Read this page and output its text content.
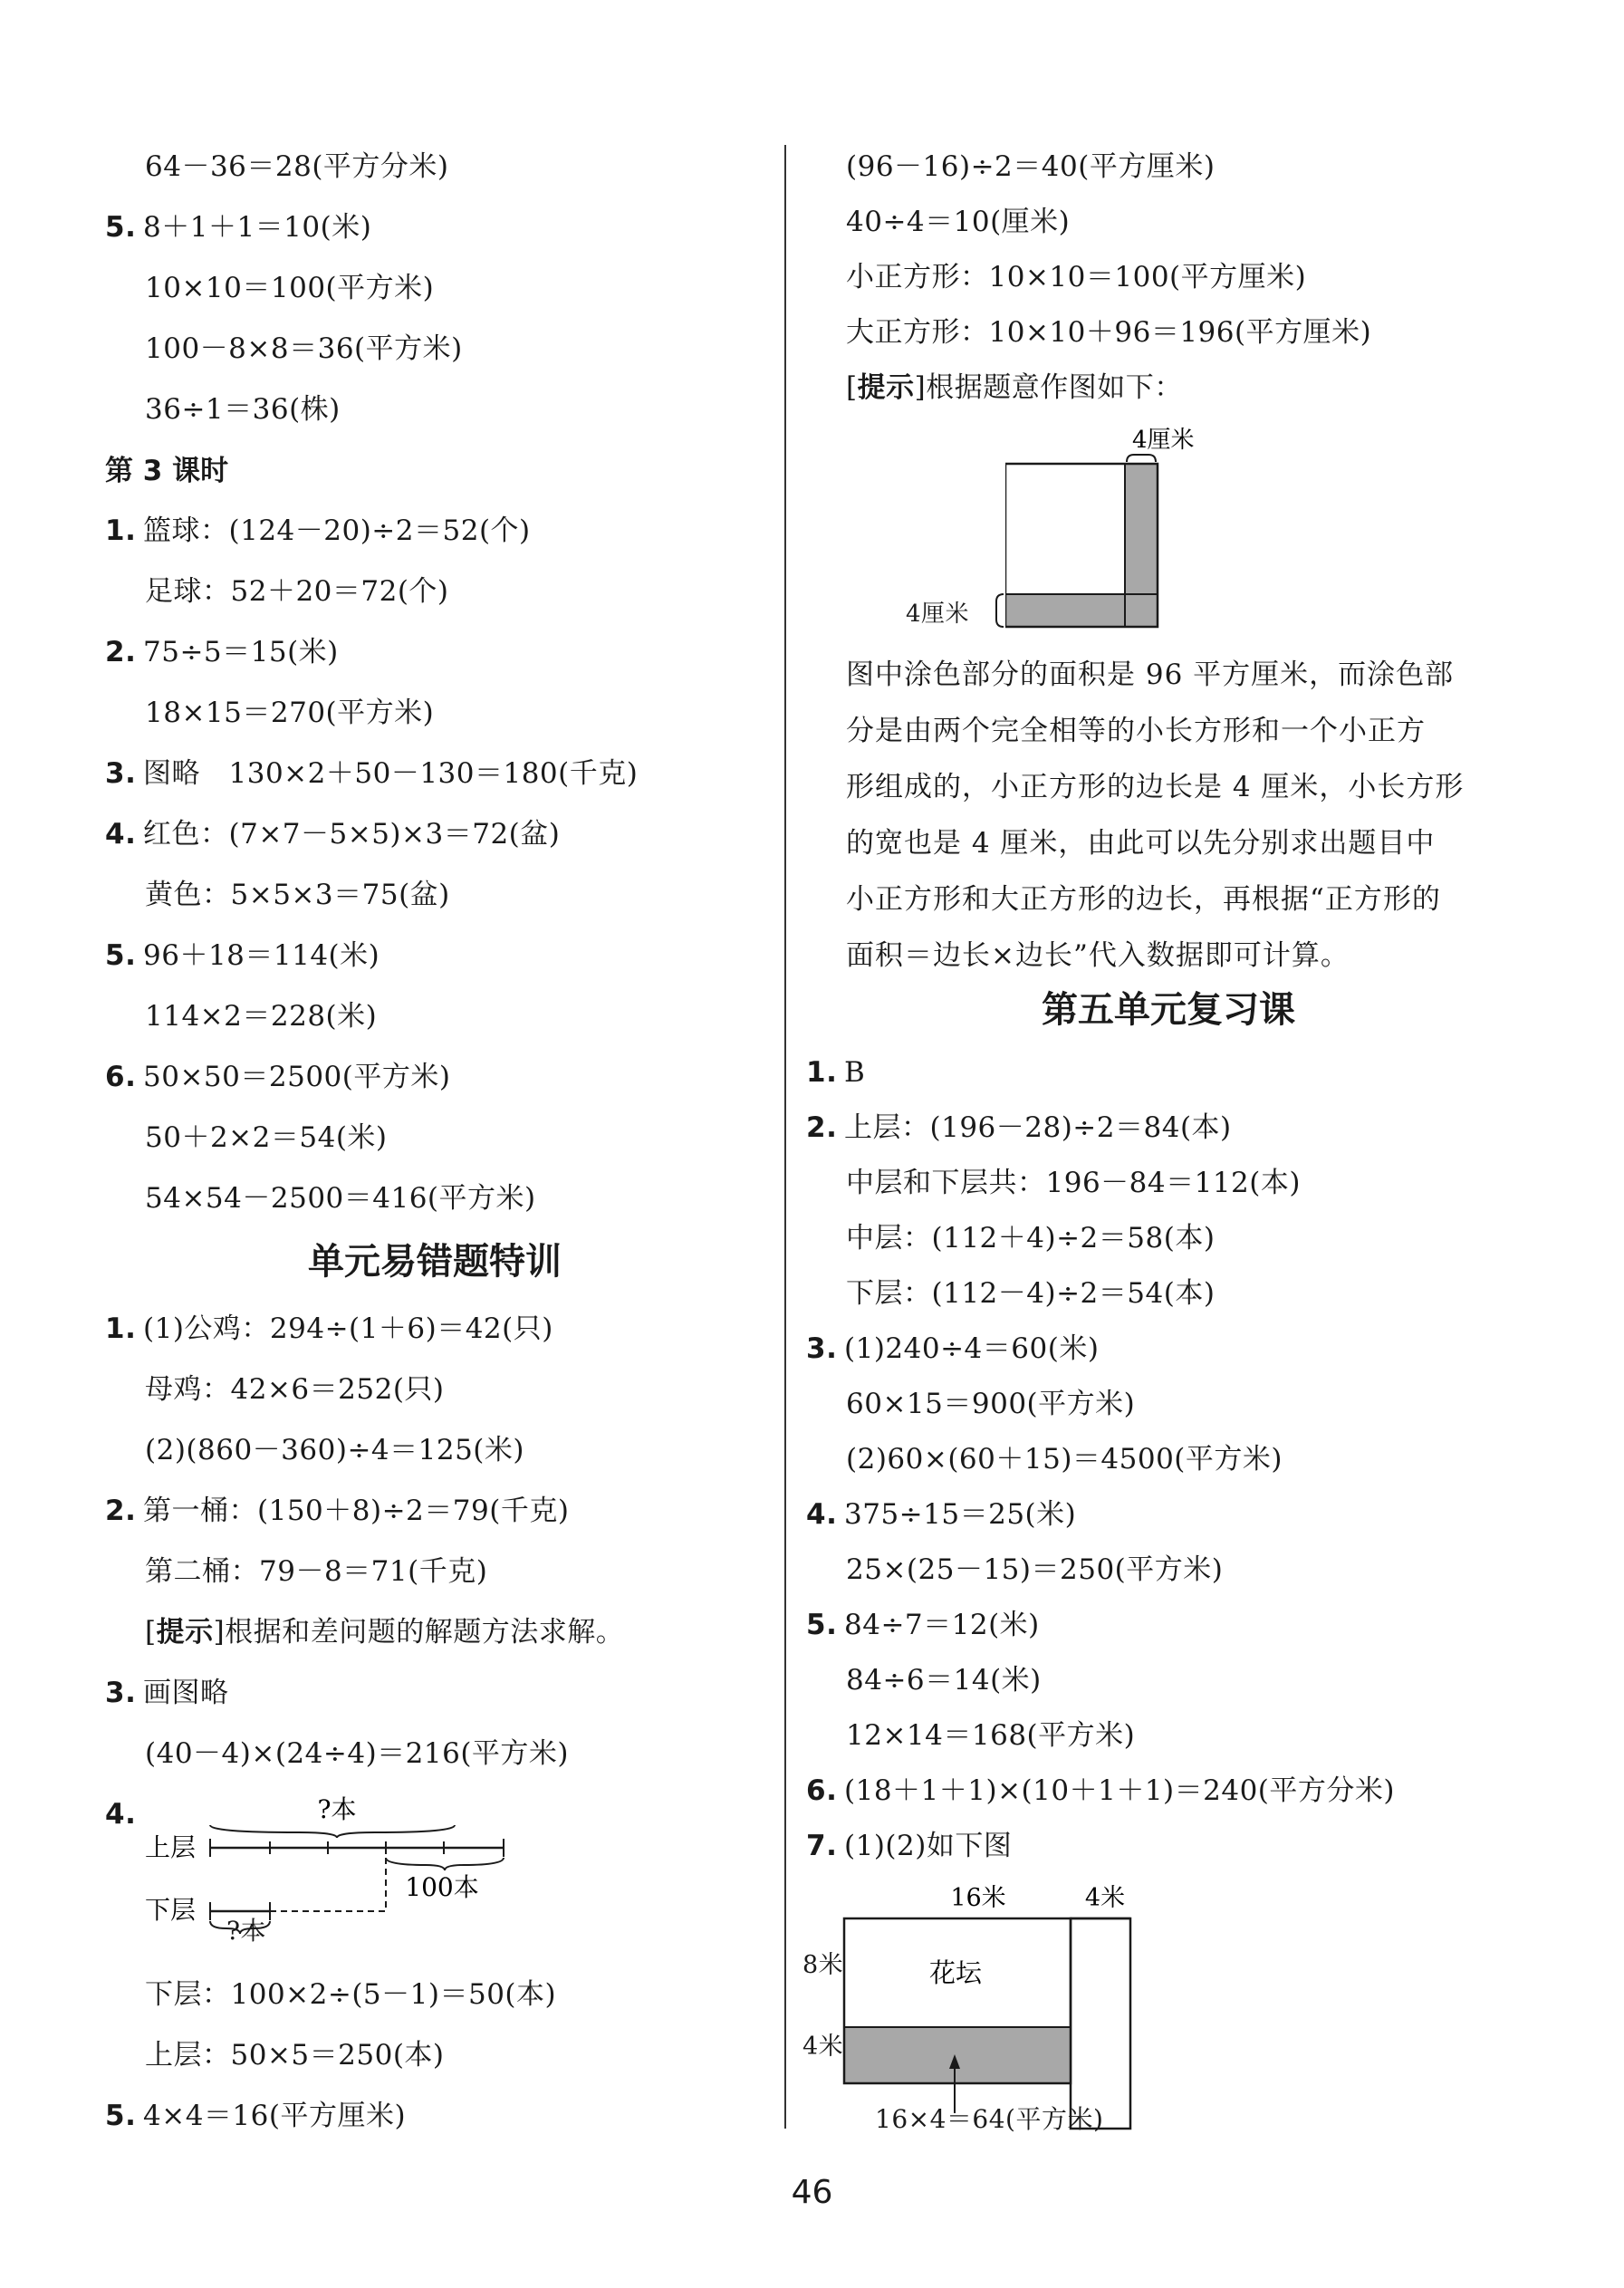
64－36＝28(平方分米)
5. 8＋1＋1＝10(米)
10×10＝100(平方米)
100－8×8＝36(平方米)
36÷1＝36(株)
第 3 课时
1. 篮球：(124－20)÷2＝52(个)
足球：52＋20＝72(个)
2. 75÷5＝15(米)
18×15＝270(平方米)
3. 图略　130×2＋50－130＝180(千克)
4. 红色：(7×7－5×5)×3＝72(盆)
黄色：5×5×3＝75(盆)
5. 96＋18＝114(米)
114×2＝228(米)
6. 50×50＝2500(平方米)
50＋2×2＝54(米)
54×54－2500＝416(平方米)
单元易错题特训
1. (1)公鸡：294÷(1＋6)＝42(只)
母鸡：42×6＝252(只)
(2)(860－360)÷4＝125(米)
2. 第一桶：(150＋8)÷2＝79(千克)
第二桶：79－8＝71(千克)
[提示]根据和差问题的解题方法求解。
3. 画图略
(40－4)×(24÷4)＝216(平方米)
4.	?本
上层
100本
下层
?本
下层：100×2÷(5－1)＝50(本)
上层：50×5＝250(本)
5. 4×4＝16(平方厘米)
(96－16)÷2＝40(平方厘米)
40÷4＝10(厘米)
小正方形：10×10＝100(平方厘米)
大正方形：10×10＋96＝196(平方厘米)
[提示]根据题意作图如下：
4厘米
4厘米
图中涂色部分的面积是 96 平方厘米，而涂色部
分是由两个完全相等的小长方形和一个小正方
形组成的，小正方形的边长是 4 厘米，小长方形
的宽也是 4 厘米，由此可以先分别求出题目中
小正方形和大正方形的边长，再根据“正方形的
面积＝边长×边长”代入数据即可计算。
第五单元复习课
1. B
2. 上层：(196－28)÷2＝84(本)
中层和下层共：196－84＝112(本)
中层：(112＋4)÷2＝58(本)
下层：(112－4)÷2＝54(本)
3. (1)240÷4＝60(米)
60×15＝900(平方米)
(2)60×(60＋15)＝4500(平方米)
4. 375÷15＝25(米)
25×(25－15)＝250(平方米)
5. 84÷7＝12(米)
84÷6＝14(米)
12×14＝168(平方米)
6. (18＋1＋1)×(10＋1＋1)＝240(平方分米)
7. (1)(2)如下图
16米	4米
花坛
8米
4米
16×4＝64(平方米)
46
